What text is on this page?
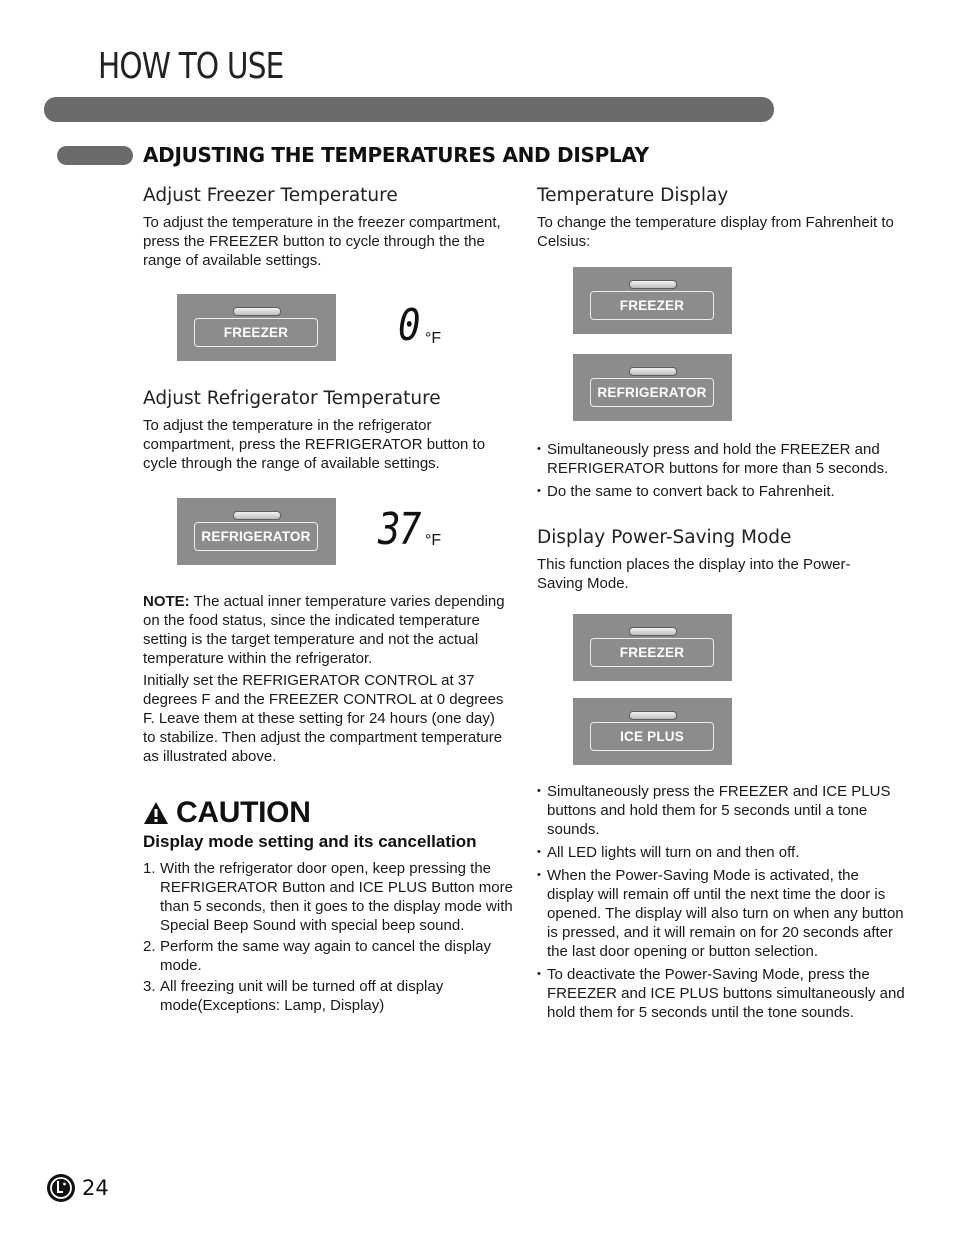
HOW TO USE
ADJUSTING THE TEMPERATURES AND DISPLAY
Adjust Freezer Temperature

To adjust the temperature in the freezer compartment, press the FREEZER button to cycle through the the range of available settings.

FREEZER	0 °F
Adjust Refrigerator Temperature

To adjust the temperature in the refrigerator compartment, press the REFRIGERATOR button to cycle through the range of available settings.

REFRIGERATOR 37 °F

NOTE: The actual inner temperature varies depending on the food status, since the indicated temperature setting is the target temperature and not the actual temperature within the refrigerator.

Initially set the REFRIGERATOR CONTROL at 37 degrees F and the FREEZER CONTROL at 0 degrees F. Leave them at these setting for 24 hours (one day) to stabilize. Then adjust the compartment temperature as illustrated above.

CAUTION
Display mode setting and its cancellation
1. With the refrigerator door open, keep pressing the REFRIGERATOR Button and ICE PLUS Button more than 5 seconds, then it goes to the display mode with Special Beep Sound with special beep sound.
2. Perform the same way again to cancel the display mode.
3. All freezing unit will be turned off at display mode(Exceptions: Lamp, Display)
Temperature Display

To change the temperature display from Fahrenheit to Celsius:

FREEZER
REFRIGERATOR
• Simultaneously press and hold the FREEZER and REFRIGERATOR buttons for more than 5 seconds.
• Do the same to convert back to Fahrenheit.
Display Power-Saving Mode

This function places the display into the Power-Saving Mode.

FREEZER
ICE PLUS
• Simultaneously press the FREEZER and ICE PLUS buttons and hold them for 5 seconds until a tone sounds.
• All LED lights will turn on and then off.
• When the Power-Saving Mode is activated, the display will remain off until the next time the door is opened. The display will also turn on when any button is pressed, and it will remain on for 20 seconds after the last door opening or button selection.
• To deactivate the Power-Saving Mode, press the FREEZER and ICE PLUS buttons simultaneously and hold them for 5 seconds until the tone sounds.
24
